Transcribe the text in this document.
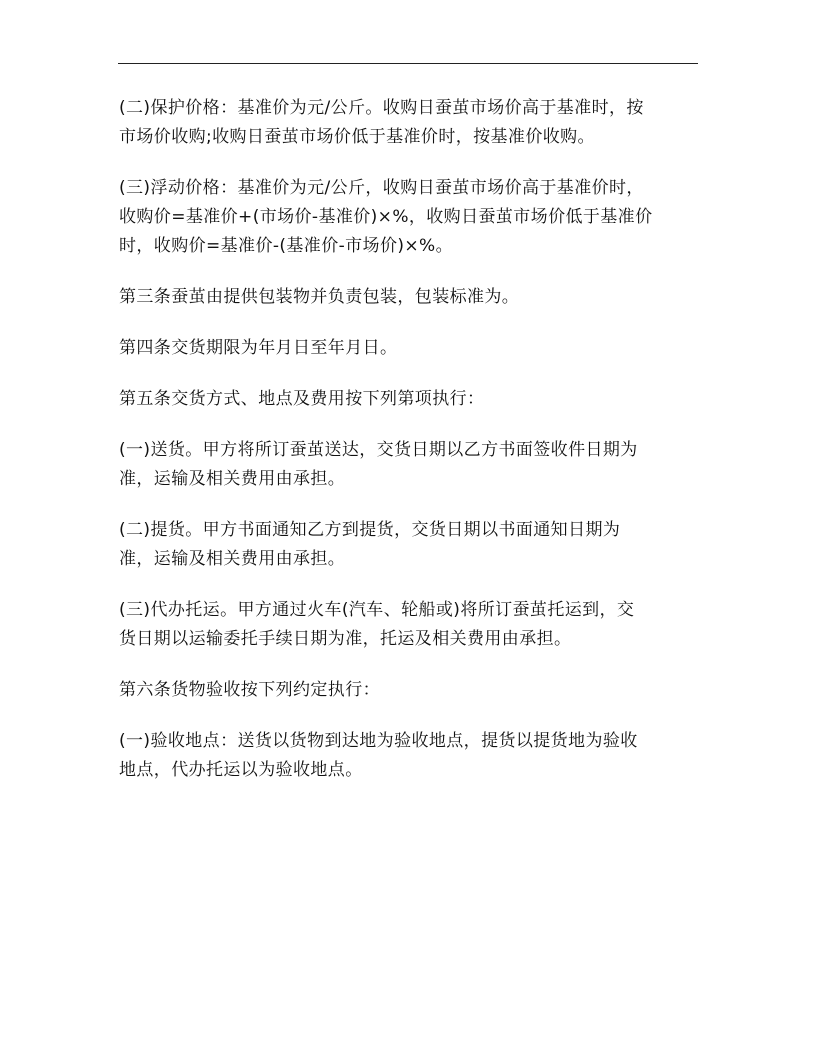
(二)保护价格：基准价为元/公斤。收购日蚕茧市场价高于基准时，按
市场价收购;收购日蚕茧市场价低于基准价时，按基准价收购。
(三)浮动价格：基准价为元/公斤，收购日蚕茧市场价高于基准价时，
收购价=基准价+(市场价-基准价)×%，收购日蚕茧市场价低于基准价
时，收购价=基准价-(基准价-市场价)×%。
第三条蚕茧由提供包装物并负责包装，包装标准为。
第四条交货期限为年月日至年月日。
第五条交货方式、地点及费用按下列第项执行：
(一)送货。甲方将所订蚕茧送达，交货日期以乙方书面签收件日期为
准，运输及相关费用由承担。
(二)提货。甲方书面通知乙方到提货，交货日期以书面通知日期为
准，运输及相关费用由承担。
(三)代办托运。甲方通过火车(汽车、轮船或)将所订蚕茧托运到，交
货日期以运输委托手续日期为准，托运及相关费用由承担。
第六条货物验收按下列约定执行：
(一)验收地点：送货以货物到达地为验收地点，提货以提货地为验收
地点，代办托运以为验收地点。
